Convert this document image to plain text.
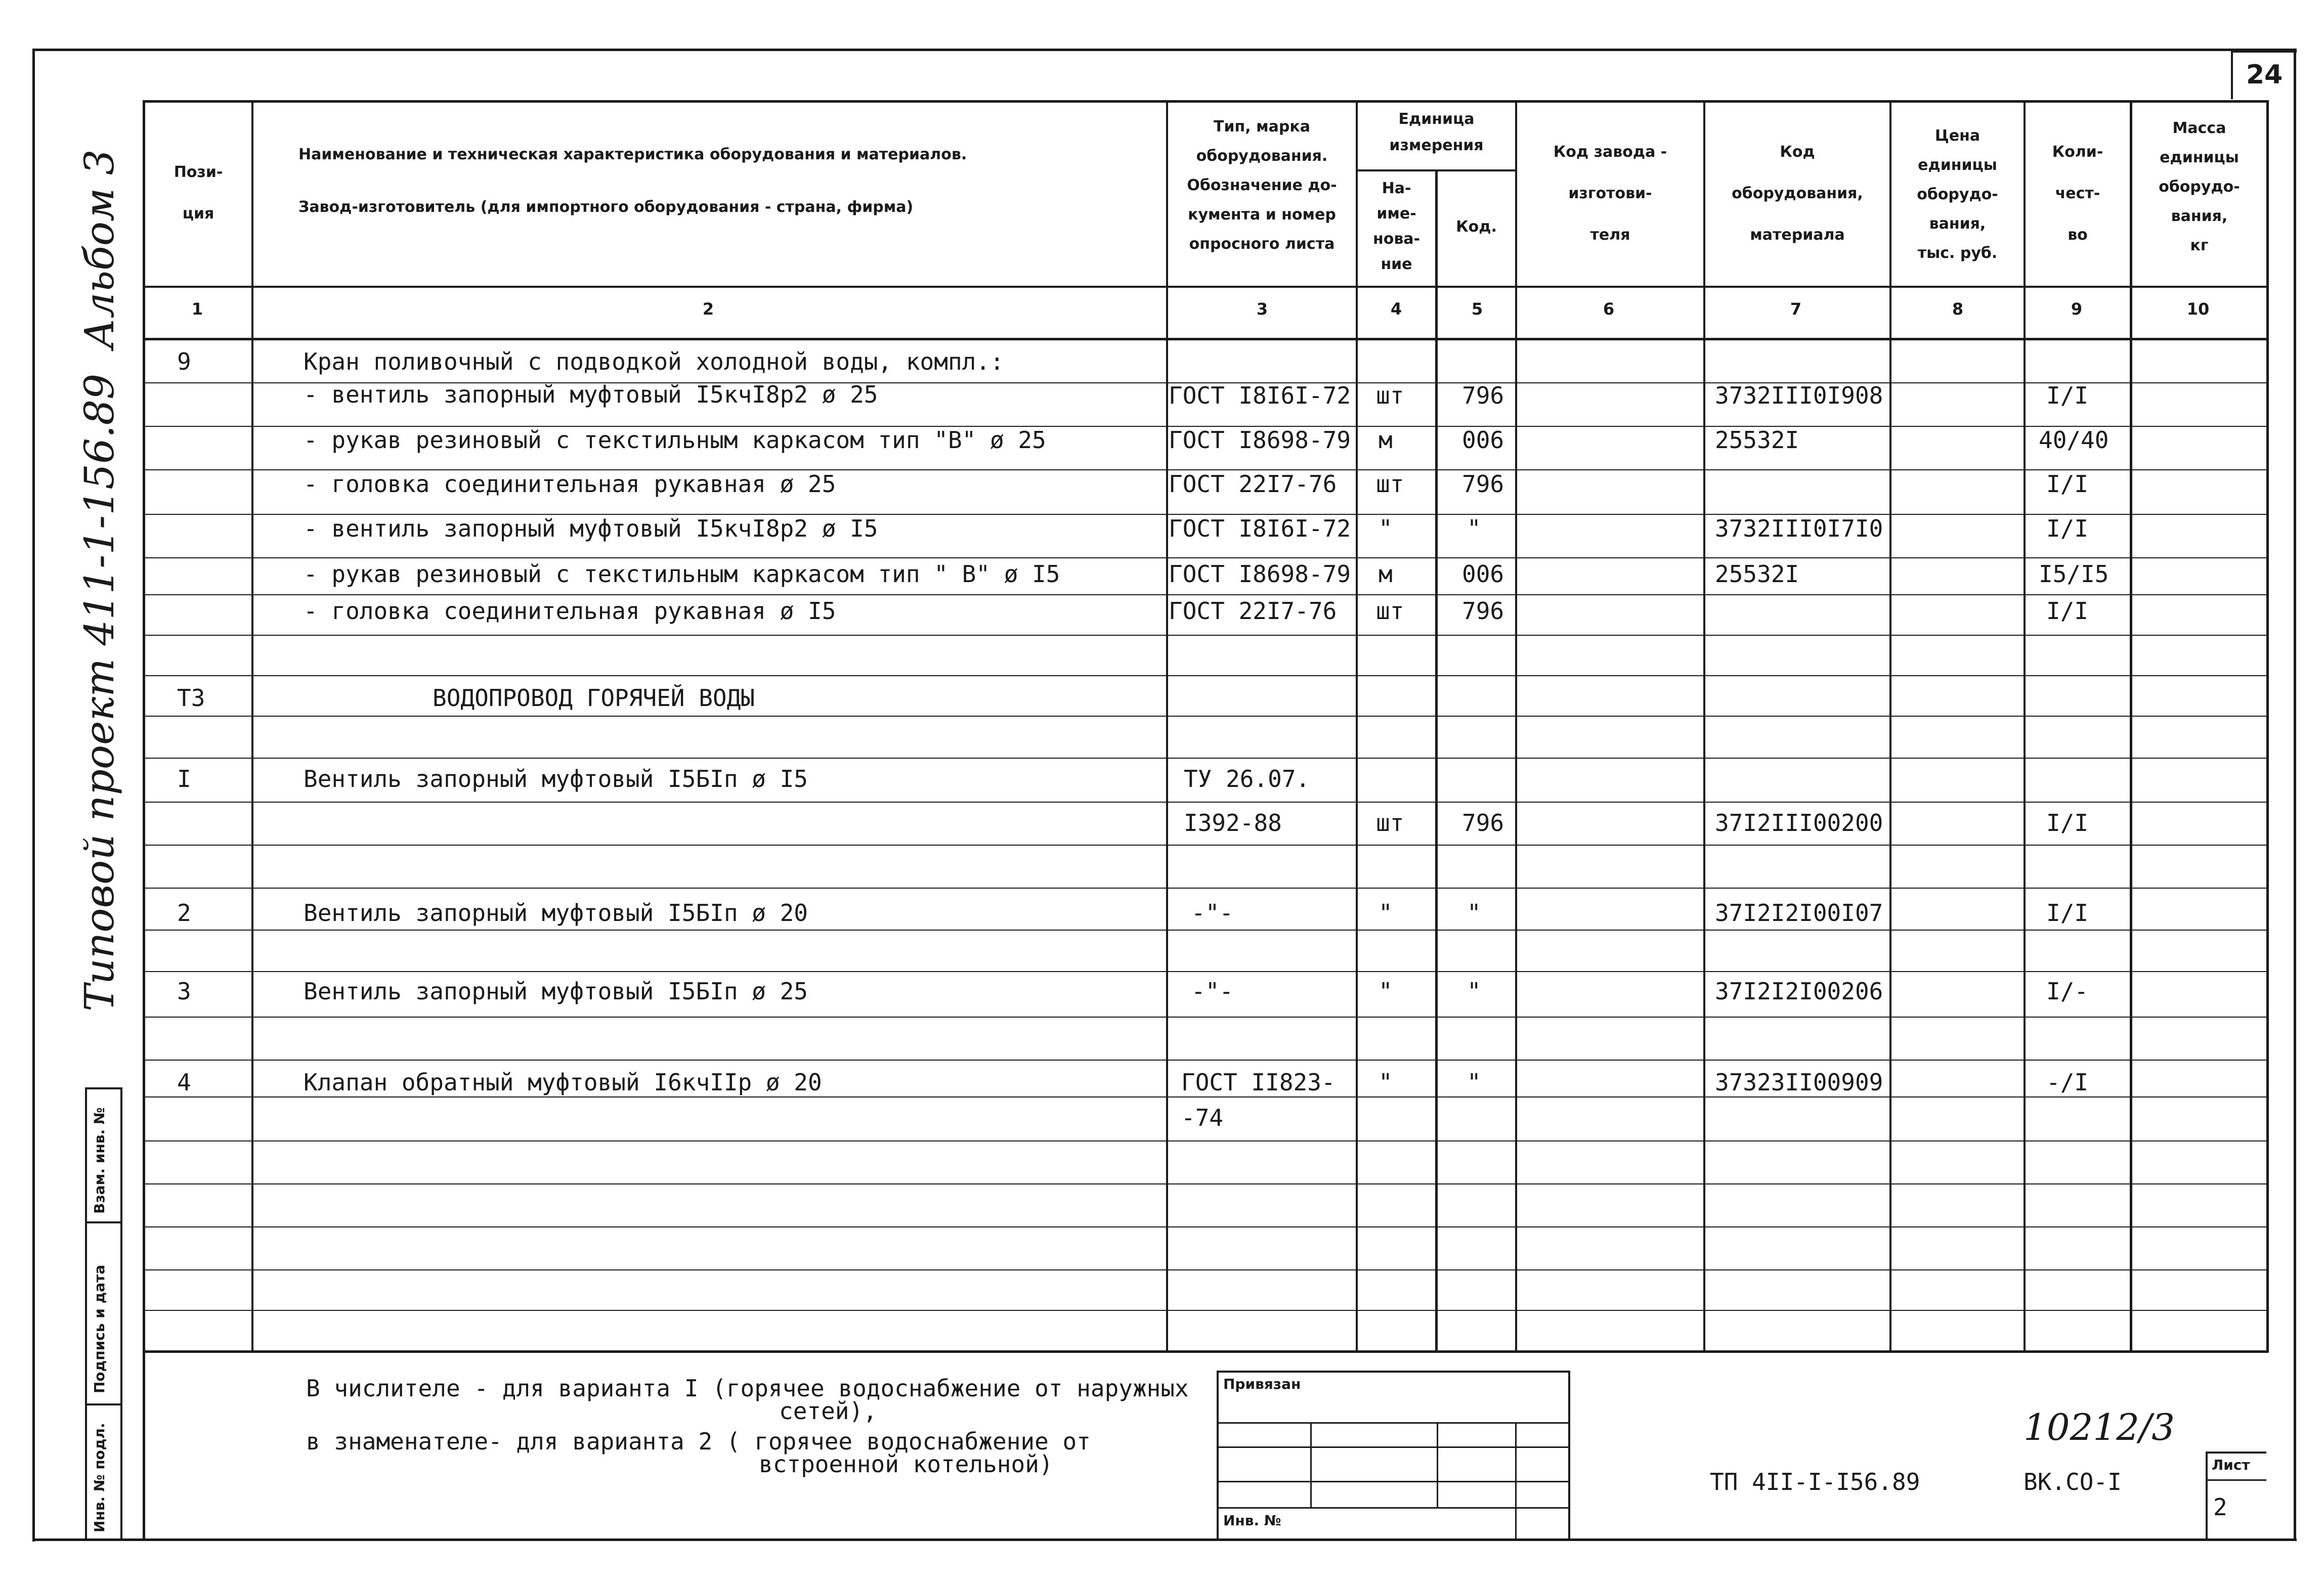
24
Альбом 3
Типовой проект 411-1-156.89
Взам. инв. №
Подпись и дата
Инв. № подл.
Пози-
ция
Наименование и техническая характеристика оборудования и материалов.

Завод-изготовитель (для импортного оборудования - страна, фирма)
Тип, марка
оборудования.
Обозначение до-
кумента и номер
опросного листа
Единица
измерения
На-
име-
нова-
ние
Код.
Код завода -
изготови-
теля
Код
оборудования,
материала
Цена
единицы
оборудо-
вания,
тыс. руб.
Коли-
чест-
во
Масса
единицы
оборудо-
вания,
кг
1	2	3	4	5	6	7	8	9	10
9	Кран поливочный с подводкой холодной воды, компл.:
- вентиль запорный муфтовый I5кчI8р2 ø 25	ГОСТ I8I6I-72 шт 796	3732III0I908	I/I
- рукав резиновый с текстильным каркасом тип "В" ø 25	ГОСТ I8698-79 м	006	25532I	40/40
- головка соединительная рукавная ø 25	ГОСТ 22I7-76 шт 796	I/I
- вентиль запорный муфтовый I5кчI8р2 ø I5	ГОСТ I8I6I-72 "	"	3732III0I7I0	I/I
- рукав резиновый с текстильным каркасом тип " В" ø I5	ГОСТ I8698-79 м	006	25532I	I5/I5
- головка соединительная рукавная ø I5	ГОСТ 22I7-76 шт 796	I/I
Т3	ВОДОПРОВОД ГОРЯЧЕЙ ВОДЫ
I	Вентиль запорный муфтовый I5БIп ø I5	ТУ 26.07.
I392-88	шт 796	37I2III00200	I/I
2	Вентиль запорный муфтовый I5БIп ø 20	-"-	"	"	37I2I2I00I07	I/I
3	Вентиль запорный муфтовый I5БIп ø 25	-"-	"	"	37I2I2I00206	I/-
4	Клапан обратный муфтовый I6кчIIр ø 20	ГОСТ II823- "	"	37323II00909	-/I
-74
В числителе - для варианта I (горячее водоснабжение от наружных
сетей),
в знаменателе- для варианта 2 ( горячее водоснабжение от
встроенной котельной)
Привязан
Инв. №
ТП 4II-I-I56.89	ВК.СО-I
10212/3
Лист
2
